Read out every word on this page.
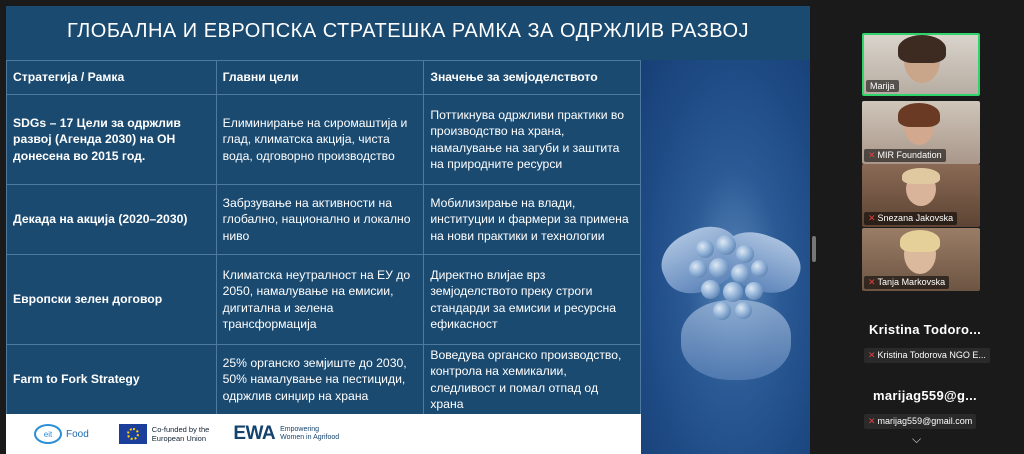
ГЛОБАЛНА И ЕВРОПСКА СТРАТЕШКА РАМКА ЗА ОДРЖЛИВ РАЗВОЈ
Стратегија / Рамка	Главни цели	Значење за земјоделството
SDGs – 17 Цели за одржлив развој (Агенда 2030) на ОН донесена во 2015 год.	Елиминирање на сиромаштија и глад, климатска акција, чиста вода, одговорно производство	Поттикнува одржливи практики во производство на храна, намалување на загуби и заштита на природните ресурси
Декада на акција (2020–2030)	Забрзување на активности на глобално, национално и локално ниво	Мобилизирање на влади, институции и фармери за примена на нови практики и технологии
Европски зелен договор	Климатска неутралност на ЕУ до 2050, намалување на емисии, дигитална и зелена трансформација	Директно влијае врз земјоделството преку строги стандарди за емисии и ресурсна ефикасност
Farm to Fork Strategy	25% органско земјиште до 2030, 50% намалување на пестициди, одржлив синџир на храна	Воведува органско производство, контрола на хемикалии, следливост и помал отпад од храна
eit	Food	Co-funded by the
European Union EWA Empowering
Women in Agrifood
Marija
✕ MIR Foundation
✕ Snezana Jakovska
✕ Tanja Markovska
Kristina Todoro...
✕ Kristina Todorova NGO E...
marijag559@g...
✕ marijag559@gmail.com
⌵
